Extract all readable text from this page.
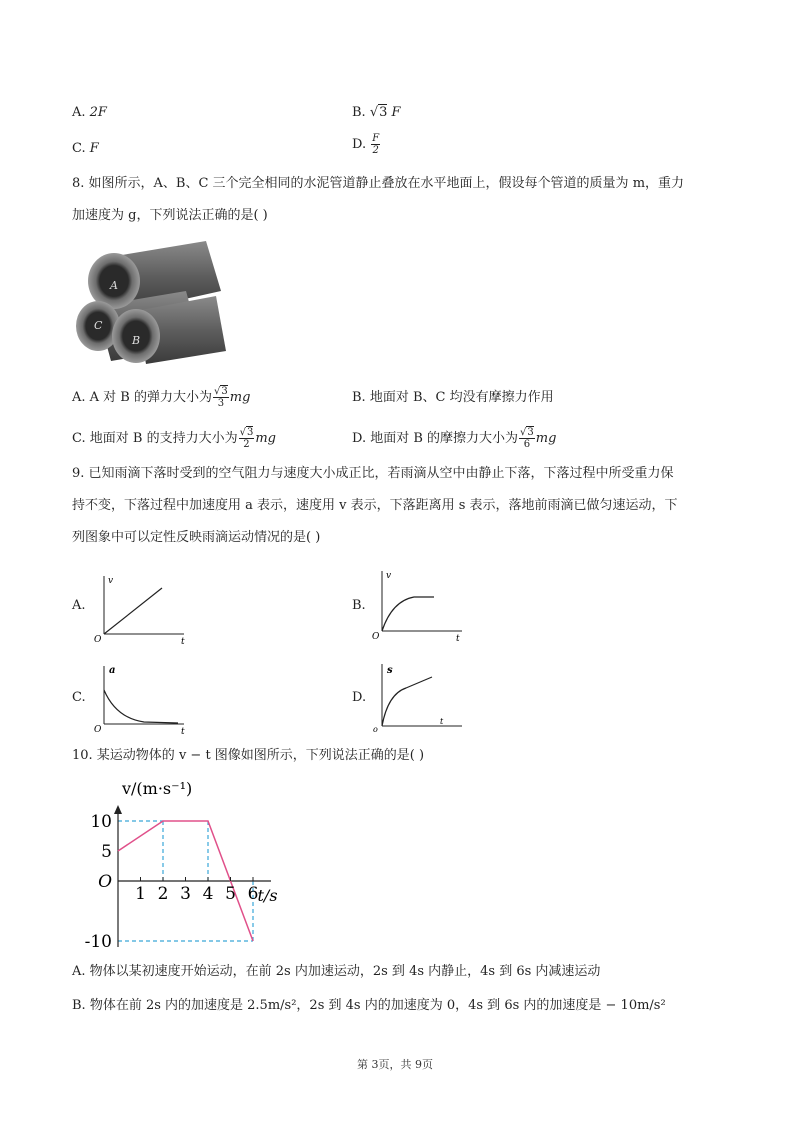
A. 2F	B. √3 F
C. F	D. $\frac{F}{2}$
8. 如图所示，A、B、C 三个完全相同的水泥管道静止叠放在水平地面上，假设每个管道的质量为 m，重力
加速度为 g，下列说法正确的是( )
A
C
B
A. A 对 B 的弹力大小为 $\frac{√3}{3}$ mg	B. 地面对 B、C 均没有摩擦力作用
C. 地面对 B 的支持力大小为 $\frac{√3}{2}$ mg	D. 地面对 B 的摩擦力大小为 $\frac{√3}{6}$ mg
9. 已知雨滴下落时受到的空气阻力与速度大小成正比，若雨滴从空中由静止下落，下落过程中所受重力保
持不变，下落过程中加速度用 a 表示，速度用 v 表示，下落距离用 s 表示，落地前雨滴已做匀速运动，下
列图象中可以定性反映雨滴运动情况的是( )
A.
v
t
O
B.
v
t
O
C.
a
t
O
D.
s
t
o
10. 某运动物体的 v − t 图像如图所示，下列说法正确的是( )
1 2 3 4 5 6
10
5
O
-10
v/(m·s⁻¹)
t/s
A. 物体以某初速度开始运动，在前 2s 内加速运动，2s 到 4s 内静止，4s 到 6s 内减速运动
B. 物体在前 2s 内的加速度是 2.5m/s²，2s 到 4s 内的加速度为 0，4s 到 6s 内的加速度是 − 10m/s²
第 3页，共 9页
